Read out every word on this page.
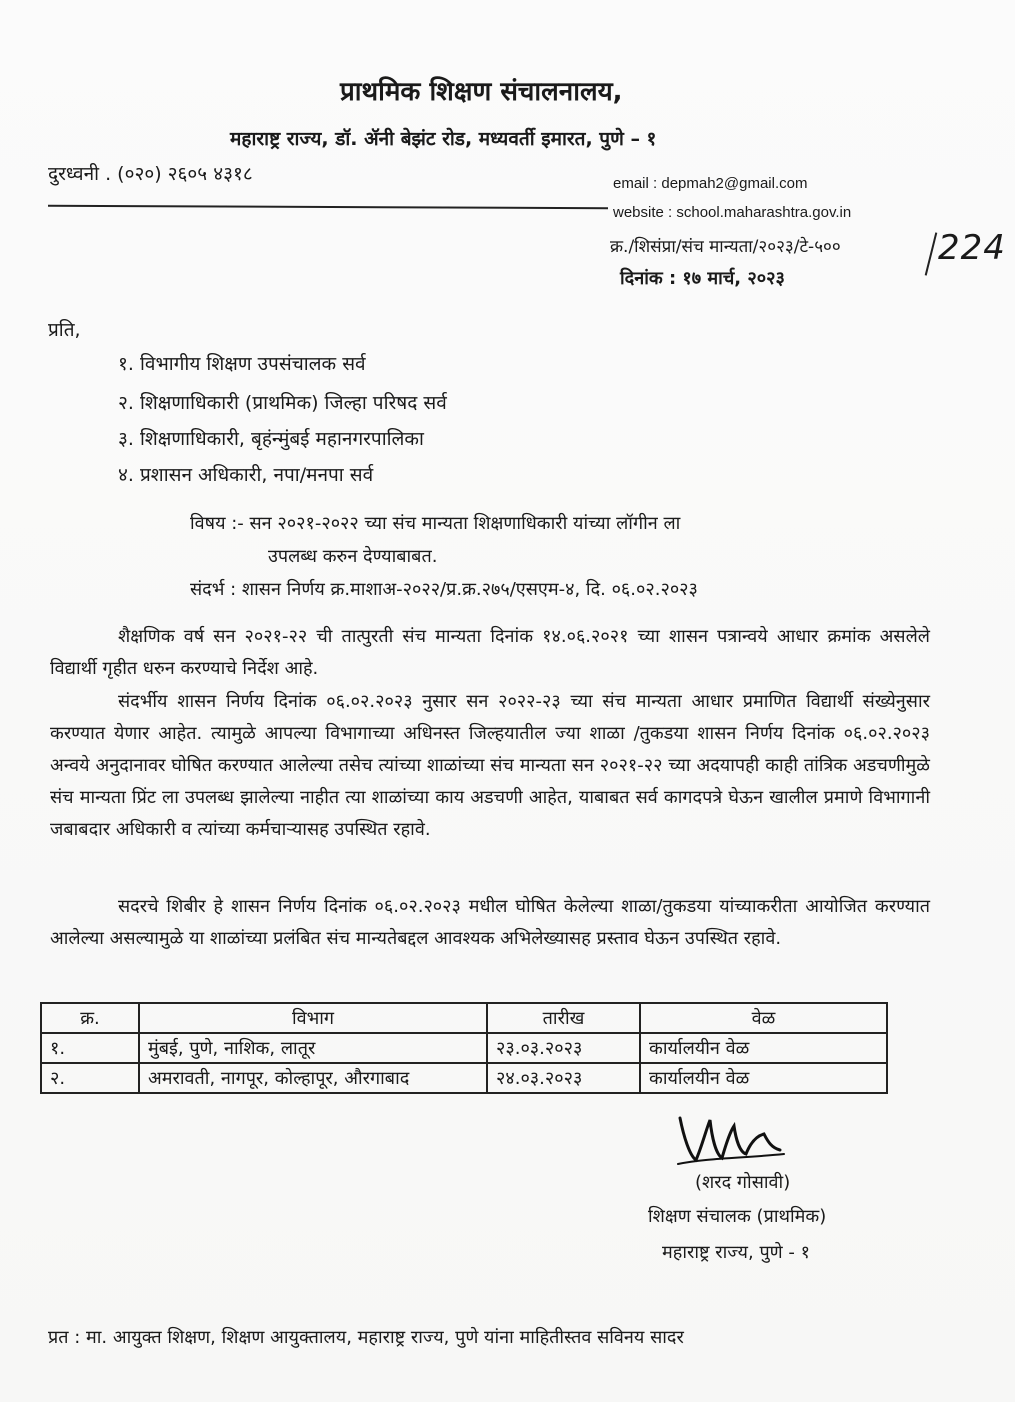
प्राथमिक शिक्षण संचालनालय,
महाराष्ट्र राज्य, डॉ. ॲनी बेझंट रोड, मध्यवर्ती इमारत, पुणे – १
दुरध्वनी . (०२०) २६०५ ४३१८	email : depmah2@gmail.com
website : school.maharashtra.gov.in
क्र./शिसंप्रा/संच मान्यता/२०२३/टे-५००	224
दिनांक : १७ मार्च, २०२३
प्रति,
१. विभागीय शिक्षण उपसंचालक सर्व
२. शिक्षणाधिकारी (प्राथमिक) जिल्हा परिषद सर्व
३. शिक्षणाधिकारी, बृहंन्मुंबई महानगरपालिका
४. प्रशासन अधिकारी, नपा/मनपा सर्व
विषय :- सन २०२१-२०२२ च्या संच मान्यता शिक्षणाधिकारी यांच्या लॉगीन ला
उपलब्ध करुन देण्याबाबत.
संदर्भ : शासन निर्णय क्र.माशाअ-२०२२/प्र.क्र.२७५/एसएम-४, दि. ०६.०२.२०२३
शैक्षणिक वर्ष सन २०२१-२२ ची तात्पुरती संच मान्यता दिनांक १४.०६.२०२१ च्या शासन पत्रान्वये आधार क्रमांक असलेले विद्यार्थी गृहीत धरुन करण्याचे निर्देश आहे.
संदर्भीय शासन निर्णय दिनांक ०६.०२.२०२३ नुसार सन २०२२-२३ च्या संच मान्यता आधार प्रमाणित विद्यार्थी संख्येनुसार करण्यात येणार आहेत. त्यामुळे आपल्या विभागाच्या अधिनस्त जिल्हयातील ज्या शाळा /तुकडया शासन निर्णय दिनांक ०६.०२.२०२३ अन्वये अनुदानावर घोषित करण्यात आलेल्या तसेच त्यांच्या शाळांच्या संच मान्यता सन २०२१-२२ च्या अदयापही काही तांत्रिक अडचणीमुळे संच मान्यता प्रिंट ला उपलब्ध झालेल्या नाहीत त्या शाळांच्या काय अडचणी आहेत, याबाबत सर्व कागदपत्रे घेऊन खालील प्रमाणे विभागानी जबाबदार अधिकारी व त्यांच्या कर्मचाऱ्यासह उपस्थित रहावे.
सदरचे शिबीर हे शासन निर्णय दिनांक ०६.०२.२०२३ मधील घोषित केलेल्या शाळा/तुकडया यांच्याकरीता आयोजित करण्यात आलेल्या असल्यामुळे या शाळांच्या प्रलंबित संच मान्यतेबद्दल आवश्यक अभिलेख्यासह प्रस्ताव घेऊन उपस्थित रहावे.
क्र.	विभाग	तारीख	वेळ
१.	मुंबई, पुणे, नाशिक, लातूर	२३.०३.२०२३	कार्यालयीन वेळ
२.	अमरावती, नागपूर, कोल्हापूर, औरगाबाद	२४.०३.२०२३	कार्यालयीन वेळ
(शरद गोसावी)
शिक्षण संचालक (प्राथमिक)
महाराष्ट्र राज्य, पुणे - १
प्रत : मा. आयुक्त शिक्षण, शिक्षण आयुक्तालय, महाराष्ट्र राज्य, पुणे यांना माहितीस्तव सविनय सादर
